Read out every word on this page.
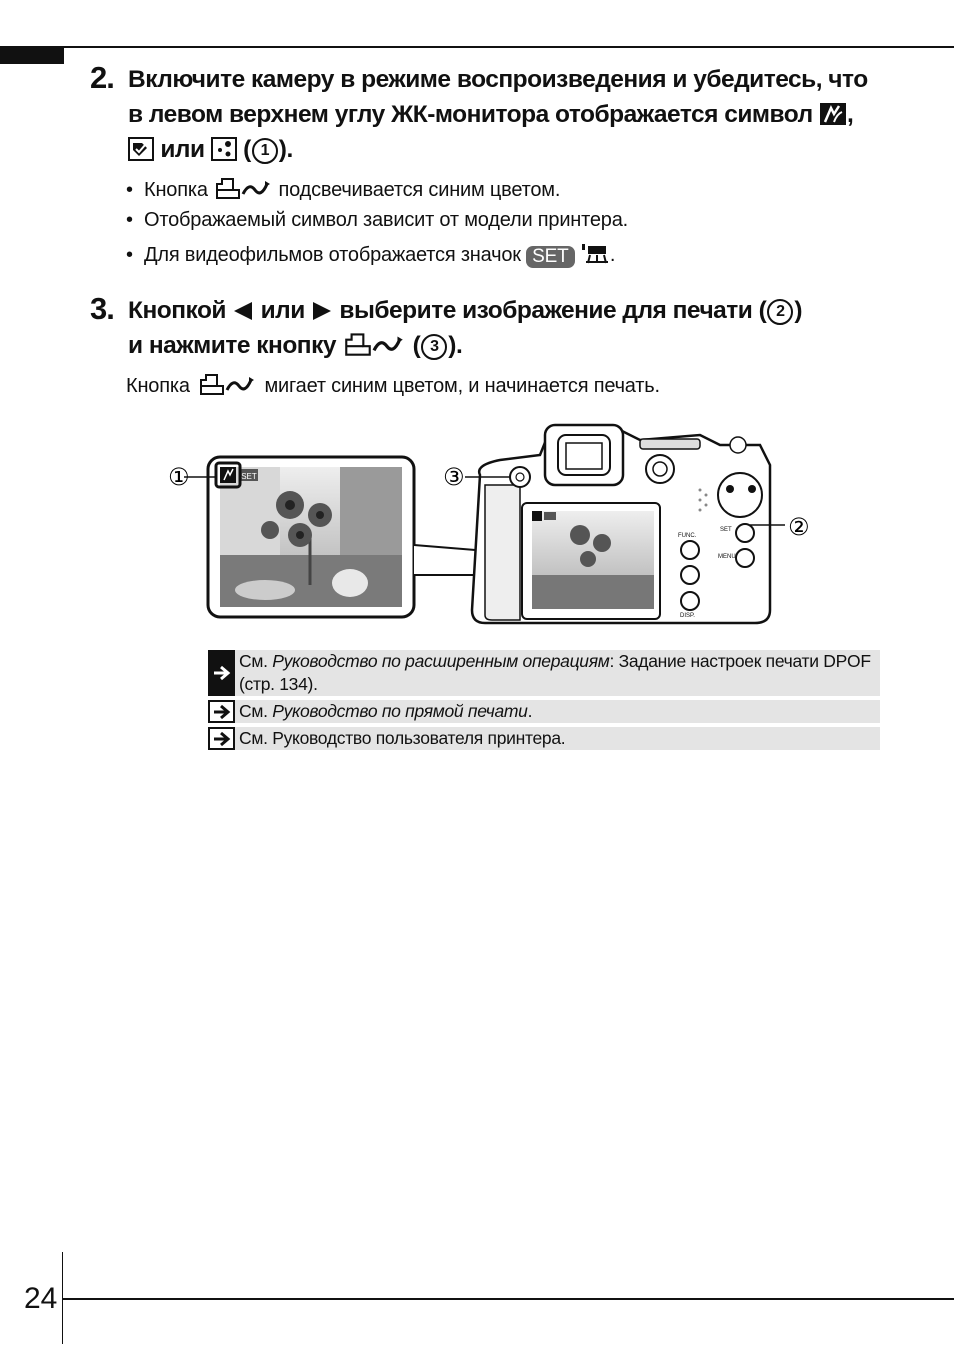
2. Включите камеру в режиме воспроизведения и убедитесь, что
в левом верхнем углу ЖК-монитора отображается символ ,
или  ( 1 ).
• Кнопка	подсвечивается синим цветом.
• Отображаемый символ зависит от модели принтера.
• Для видеофильмов отображается значок SET .
3. Кнопкой или выберите изображение для печати ( 2 )
и нажмите кнопку	( 3 ).
Кнопка	мигает синим цветом, и начинается печать.
SET
①
FUNC.
SET
MENU
DISP.
③
②
См. Руководство по расширенным операциям: Задание настроек печати DPOF
(стр. 134).
См. Руководство по прямой печати.
См. Руководство пользователя принтера.
24
